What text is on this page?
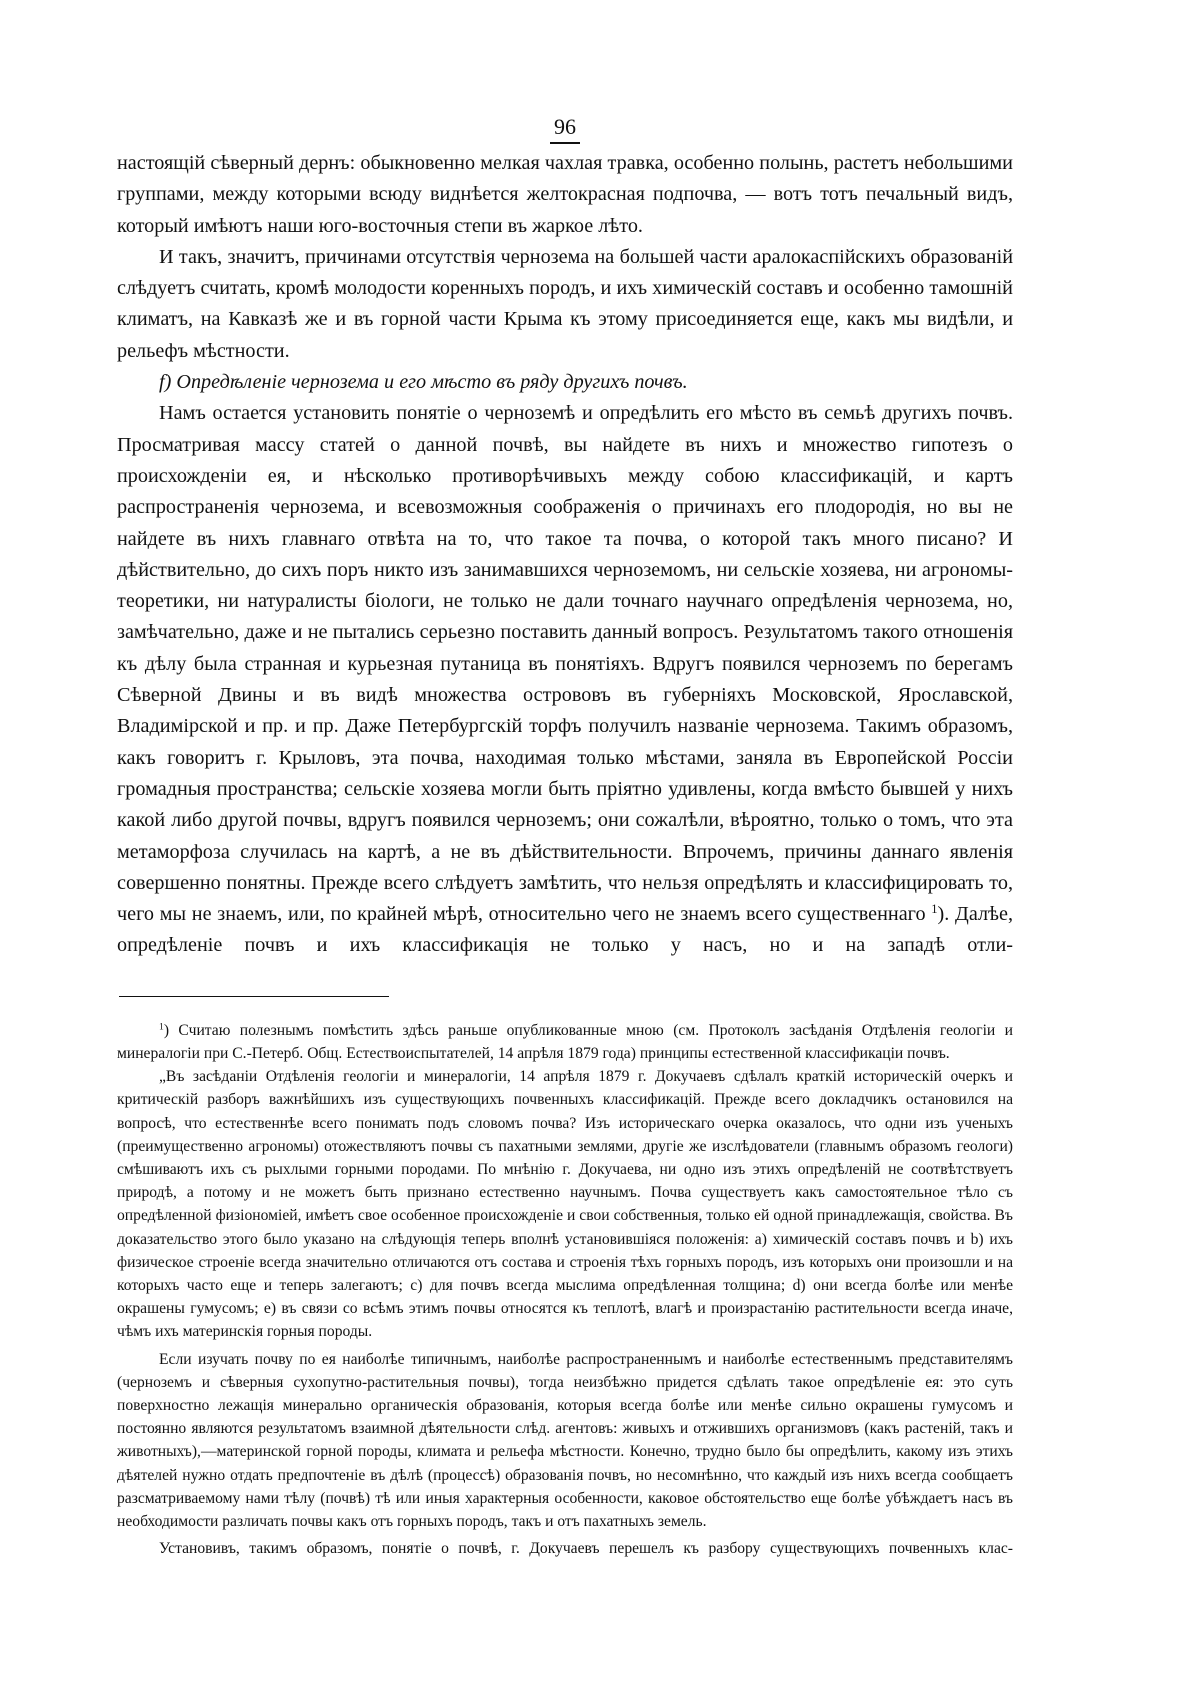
96

настоящій сѣверный дернъ: обыкновенно мелкая чахлая травка, особенно полынь, растетъ небольшими группами, между которыми всюду виднѣется желтокрасная подпочва, — вотъ тотъ печальный видъ, который имѣютъ наши юго-восточныя степи въ жаркое лѣто.

И такъ, значитъ, причинами отсутствія чернозема на большей части аралокаспійскихъ образованій слѣдуетъ считать, кромѣ молодости коренныхъ породъ, и ихъ химическій составъ и особенно тамошній климатъ, на Кавказѣ же и въ горной части Крыма къ этому присоединяется еще, какъ мы видѣли, и рельефъ мѣстности.

f) Опредѣленіе чернозема и его мѣсто въ ряду другихъ почвъ.

Намъ остается установить понятіе о черноземѣ и опредѣлить его мѣсто въ семьѣ другихъ почвъ. Просматривая массу статей о данной почвѣ, вы найдете въ нихъ и множество гипотезъ о происхожденіи ея, и нѣсколько противорѣчивыхъ между собою классификацій, и картъ распространенія чернозема, и всевозможныя соображенія о причинахъ его плодородія, но вы не найдете въ нихъ главнаго отвѣта на то, что такое та почва, о которой такъ много писано? И дѣйствительно, до сихъ поръ никто изъ занимавшихся черноземомъ, ни сельскіе хозяева, ни агрономы-теоретики, ни натуралисты біологи, не только не дали точнаго научнаго опредѣленія чернозема, но, замѣчательно, даже и не пытались серьезно поставить данный вопросъ. Результатомъ такого отношенія къ дѣлу была странная и курьезная путаница въ понятіяхъ. Вдругъ появился черноземъ по берегамъ Сѣверной Двины и въ видѣ множества острововъ въ губерніяхъ Московской, Ярославской, Владимірской и пр. и пр. Даже Петербургскій торфъ получилъ названіе чернозема. Такимъ образомъ, какъ говоритъ г. Крыловъ, эта почва, находимая только мѣстами, заняла въ Европейской Россіи громадныя пространства; сельскіе хозяева могли быть пріятно удивлены, когда вмѣсто бывшей у нихъ какой либо другой почвы, вдругъ появился черноземъ; они сожалѣли, вѣроятно, только о томъ, что эта метаморфоза случилась на картѣ, а не въ дѣйствительности. Впрочемъ, причины даннаго явленія совершенно понятны. Прежде всего слѣдуетъ замѣтить, что нельзя опредѣлять и классифицировать то, чего мы не знаемъ, или, по крайней мѣрѣ, относительно чего не знаемъ всего существеннаго $^1$). Далѣе, опредѣленіе почвъ и ихъ классификація не только у насъ, но и на западѣ отли-

$^1$) Считаю полезнымъ помѣстить здѣсь раньше опубликованные мною (см. Протоколъ засѣданія Отдѣленія геологіи и минералогіи при С.-Петерб. Общ. Естествоиспытателей, 14 апрѣля 1879 года) принципы естественной классификаціи почвъ.

„Въ засѣданіи Отдѣленія геологіи и минералогіи, 14 апрѣля 1879 г. Докучаевъ сдѣлалъ краткій историческій очеркъ и критическій разборъ важнѣйшихъ изъ существующихъ почвенныхъ классификацій. Прежде всего докладчикъ остановился на вопросѣ, что естественнѣе всего понимать подъ словомъ почва? Изъ историческаго очерка оказалось, что одни изъ ученыхъ (преимущественно агрономы) отожествляютъ почвы съ пахатными землями, другіе же изслѣдователи (главнымъ образомъ геологи) смѣшиваютъ ихъ съ рыхлыми горными породами. По мнѣнію г. Докучаева, ни одно изъ этихъ опредѣленій не соотвѣтствуетъ природѣ, а потому и не можетъ быть признано естественно научнымъ. Почва существуетъ какъ самостоятельное тѣло съ опредѣленной физіономіей, имѣетъ свое особенное происхожденіе и свои собственныя, только ей одной принадлежащія, свойства. Въ доказательство этого было указано на слѣдующія теперь вполнѣ установившіяся положенія: а) химическій составъ почвъ и b) ихъ физическое строеніе всегда значительно отличаются отъ состава и строенія тѣхъ горныхъ породъ, изъ которыхъ они произошли и на которыхъ часто еще и теперь залегаютъ; с) для почвъ всегда мыслима опредѣленная толщина; d) они всегда болѣе или менѣе окрашены гумусомъ; е) въ связи со всѣмъ этимъ почвы относятся къ теплотѣ, влагѣ и произрастанію растительности всегда иначе, чѣмъ ихъ материнскія горныя породы.

Если изучать почву по ея наиболѣе типичнымъ, наиболѣе распространеннымъ и наиболѣе естественнымъ представителямъ (черноземъ и сѣверныя сухопутно-растительныя почвы), тогда неизбѣжно придется сдѣлать такое опредѣленіе ея: это суть поверхностно лежащія минерально органическія образованія, которыя всегда болѣе или менѣе сильно окрашены гумусомъ и постоянно являются результатомъ взаимной дѣятельности слѣд. агентовъ: живыхъ и отжившихъ организмовъ (какъ растеній, такъ и животныхъ),—материнской горной породы, климата и рельефа мѣстности. Конечно, трудно было бы опредѣлить, какому изъ этихъ дѣятелей нужно отдать предпочтеніе въ дѣлѣ (процессѣ) образованія почвъ, но несомнѣнно, что каждый изъ нихъ всегда сообщаетъ разсматриваемому нами тѣлу (почвѣ) тѣ или иныя характерныя особенности, каковое обстоятельство еще болѣе убѣждаетъ насъ въ необходимости различать почвы какъ отъ горныхъ породъ, такъ и отъ пахатныхъ земель.

Установивъ, такимъ образомъ, понятіе о почвѣ, г. Докучаевъ перешелъ къ разбору существующихъ почвенныхъ клас-
